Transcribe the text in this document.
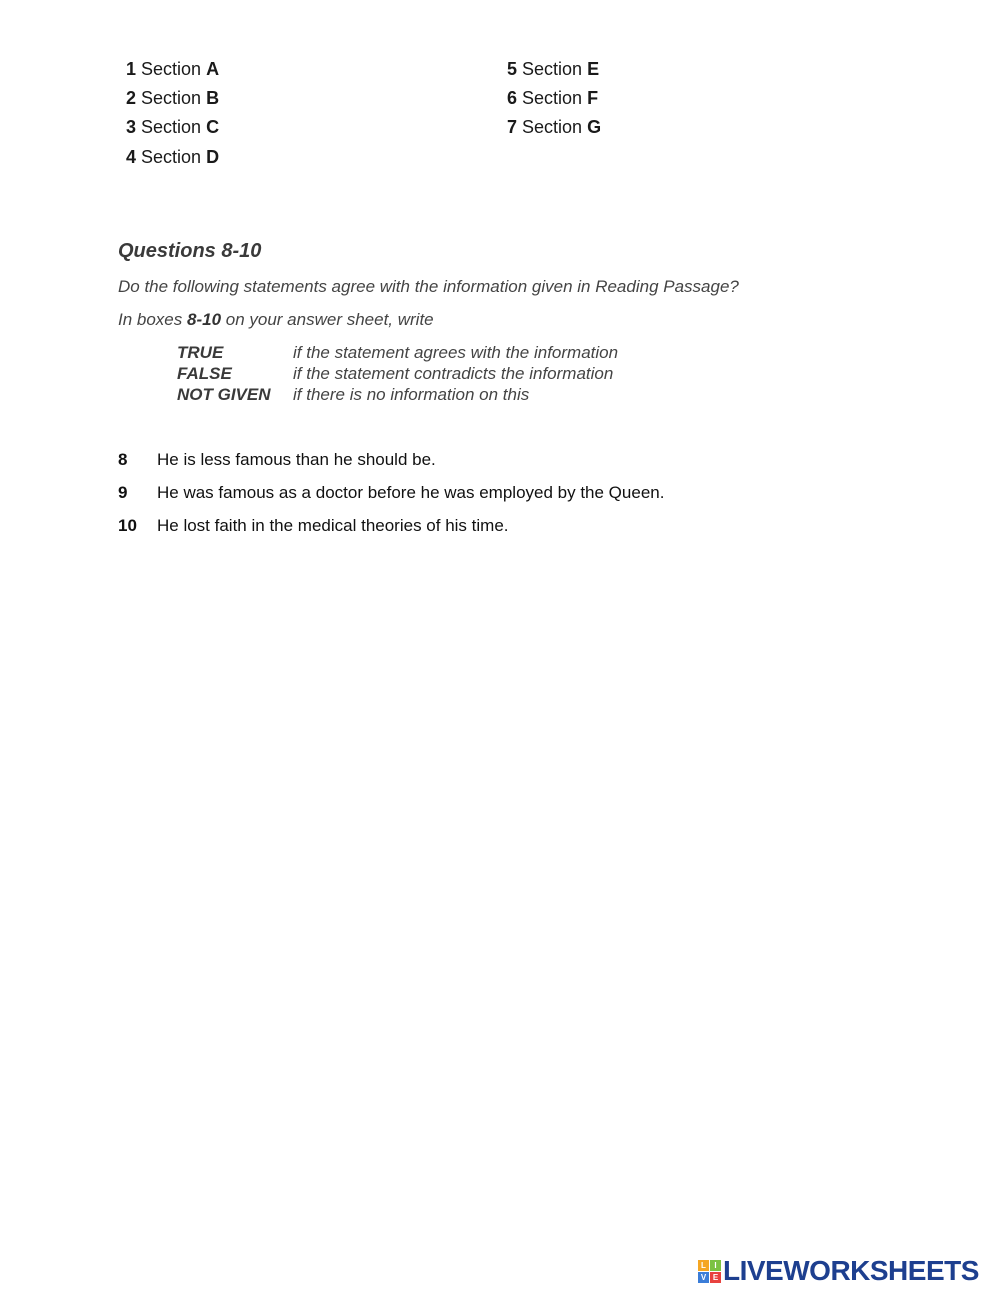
1 Section A
2 Section B
3 Section C
4 Section D
5 Section E
6 Section F
7 Section G
Questions 8-10
Do the following statements agree with the information given in Reading Passage?
In boxes 8-10 on your answer sheet, write
TRUE	if the statement agrees with the information
FALSE	if the statement contradicts the information
NOT GIVEN if there is no information on this
8 He is less famous than he should be.
9 He was famous as a doctor before he was employed by the Queen.
10 He lost faith in the medical theories of his time.
L	I
V E LIVEWORKSHEETS
